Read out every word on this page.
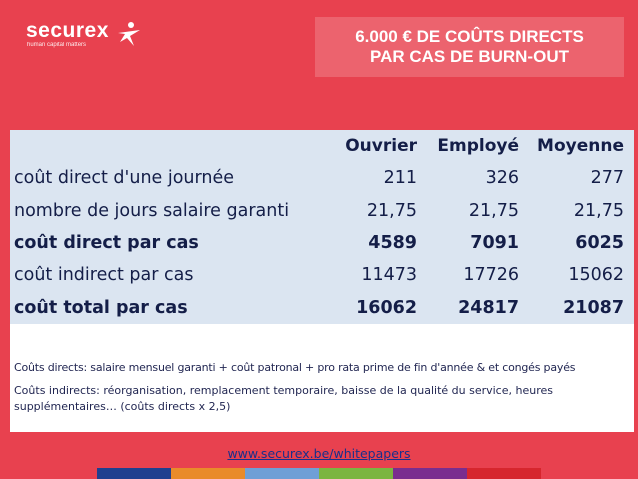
securex
human capital matters	6.000 € DE COÛTS DIRECTS
PAR CAS DE BURN-OUT
Ouvrier	Employé	Moyenne
coût direct d'une journée	211	326	277
nombre de jours salaire garanti	21,75	21,75	21,75
coût direct par cas	4589	7091	6025
coût indirect par cas	11473	17726	15062
coût total par cas	16062	24817	21087
Coûts directs: salaire mensuel garanti + coût patronal + pro rata prime de fin d'année & et congés payés
Coûts indirects: réorganisation, remplacement temporaire, baisse de la qualité du service, heures supplémentaires… (coûts directs x 2,5)
www.securex.be/whitepapers
